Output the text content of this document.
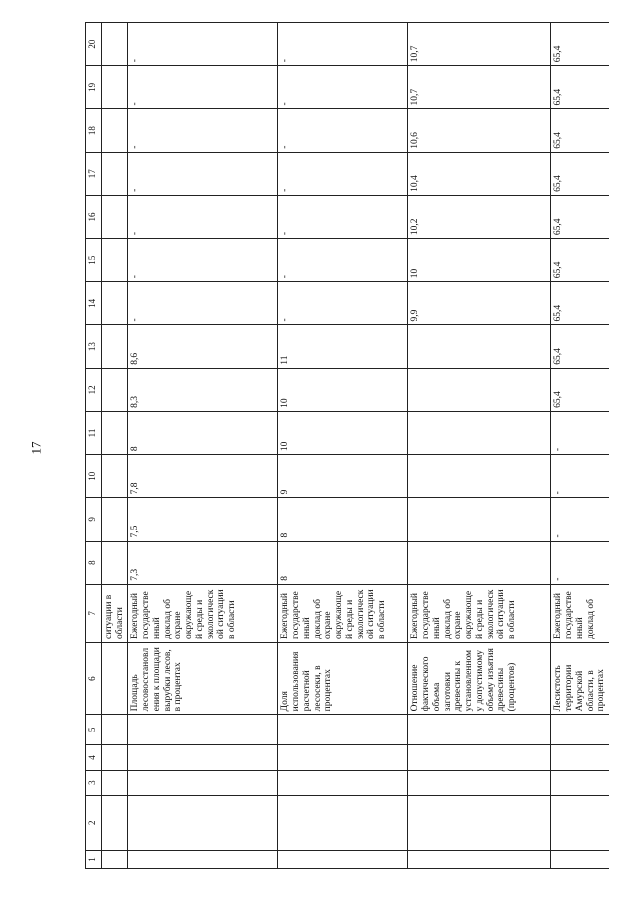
17
1	2	3	4	5	6	7	8	9	10	11	12	13	14	15	16	17	18	19	20
						ситуации в области													
					Площадь лесовосстановления к площади вырубки лесов, в процентах	Ежегодный государственный доклад об охране окружающей среды и экологической ситуации в области	7,3	7,5	7,8	8	8,3	8,6	-	-	-	-	-	-	-
					Доля использования расчетной лесосеки, в процентах	Ежегодный государственный доклад об охране окружающей среды и экологической ситуации в области	8	8	9	10	10	11	-	-	-	-	-	-	-
					Отношение фактического объема заготовки древесины к установленному допустимому объему изъятия древесины (процентов)	Ежегодный государственный доклад об охране окружающей среды и экологической ситуации в области							9,9	10	10,2	10,4	10,6	10,7	10,7
					Лесистость территории Амурской области, в процентах	Ежегодный государственный доклад об	-	-	-	-	65,4	65,4	65,4	65,4	65,4	65,4	65,4	65,4	65,4
